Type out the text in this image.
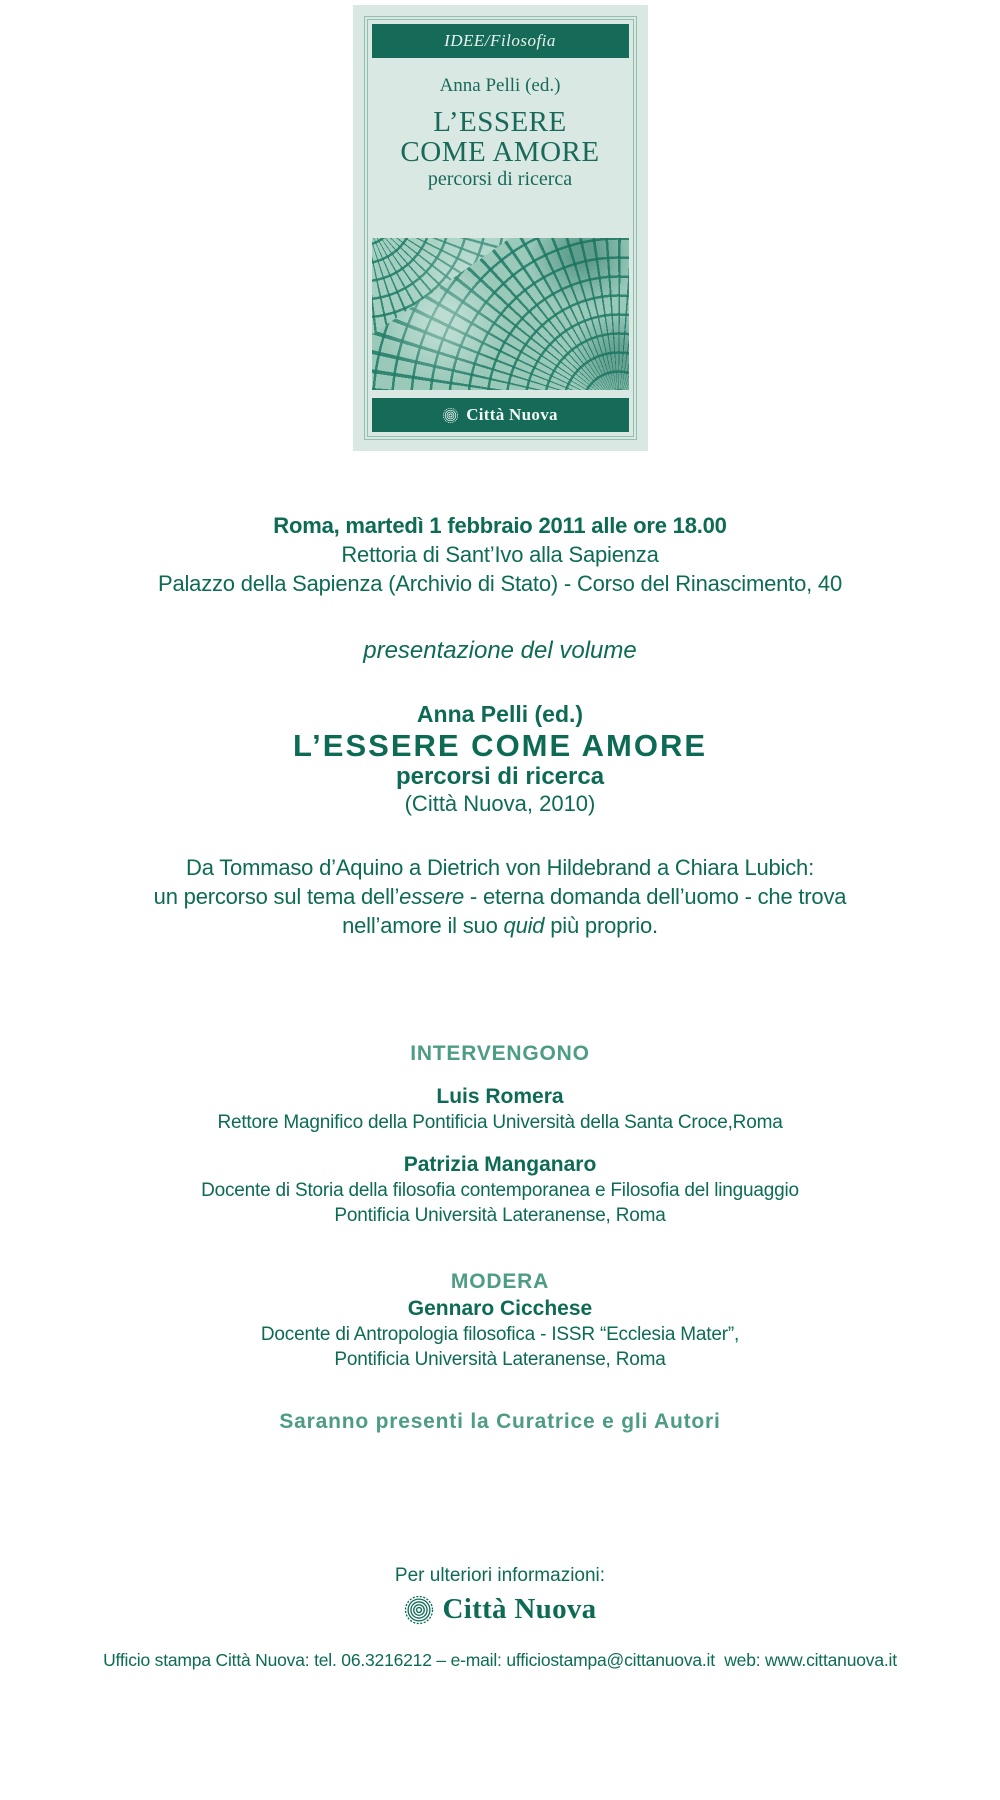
IDEE/Filosofia
Anna Pelli (ed.)
L’ESSERE
COME AMORE
percorsi di ricerca
Città Nuova
Roma, martedì 1 febbraio 2011 alle ore 18.00
Rettoria di Sant’Ivo alla Sapienza
Palazzo della Sapienza (Archivio di Stato) - Corso del Rinascimento, 40
presentazione del volume
Anna Pelli (ed.)
L’ESSERE COME AMORE
percorsi di ricerca
(Città Nuova, 2010)
Da Tommaso d’Aquino a Dietrich von Hildebrand a Chiara Lubich:
un percorso sul tema dell’essere - eterna domanda dell’uomo - che trova
nell’amore il suo quid più proprio.
INTERVENGONO
Luis Romera
Rettore Magnifico della Pontificia Università della Santa Croce,Roma
Patrizia Manganaro
Docente di Storia della filosofia contemporanea e Filosofia del linguaggio
Pontificia Università Lateranense, Roma
MODERA
Gennaro Cicchese
Docente di Antropologia filosofica - ISSR “Ecclesia Mater”,
Pontificia Università Lateranense, Roma
Saranno presenti la Curatrice e gli Autori
Per ulteriori informazioni:
Città Nuova
Ufficio stampa Città Nuova: tel. 06.3216212 – e-mail: ufficiostampa@cittanuova.it  web: www.cittanuova.it
